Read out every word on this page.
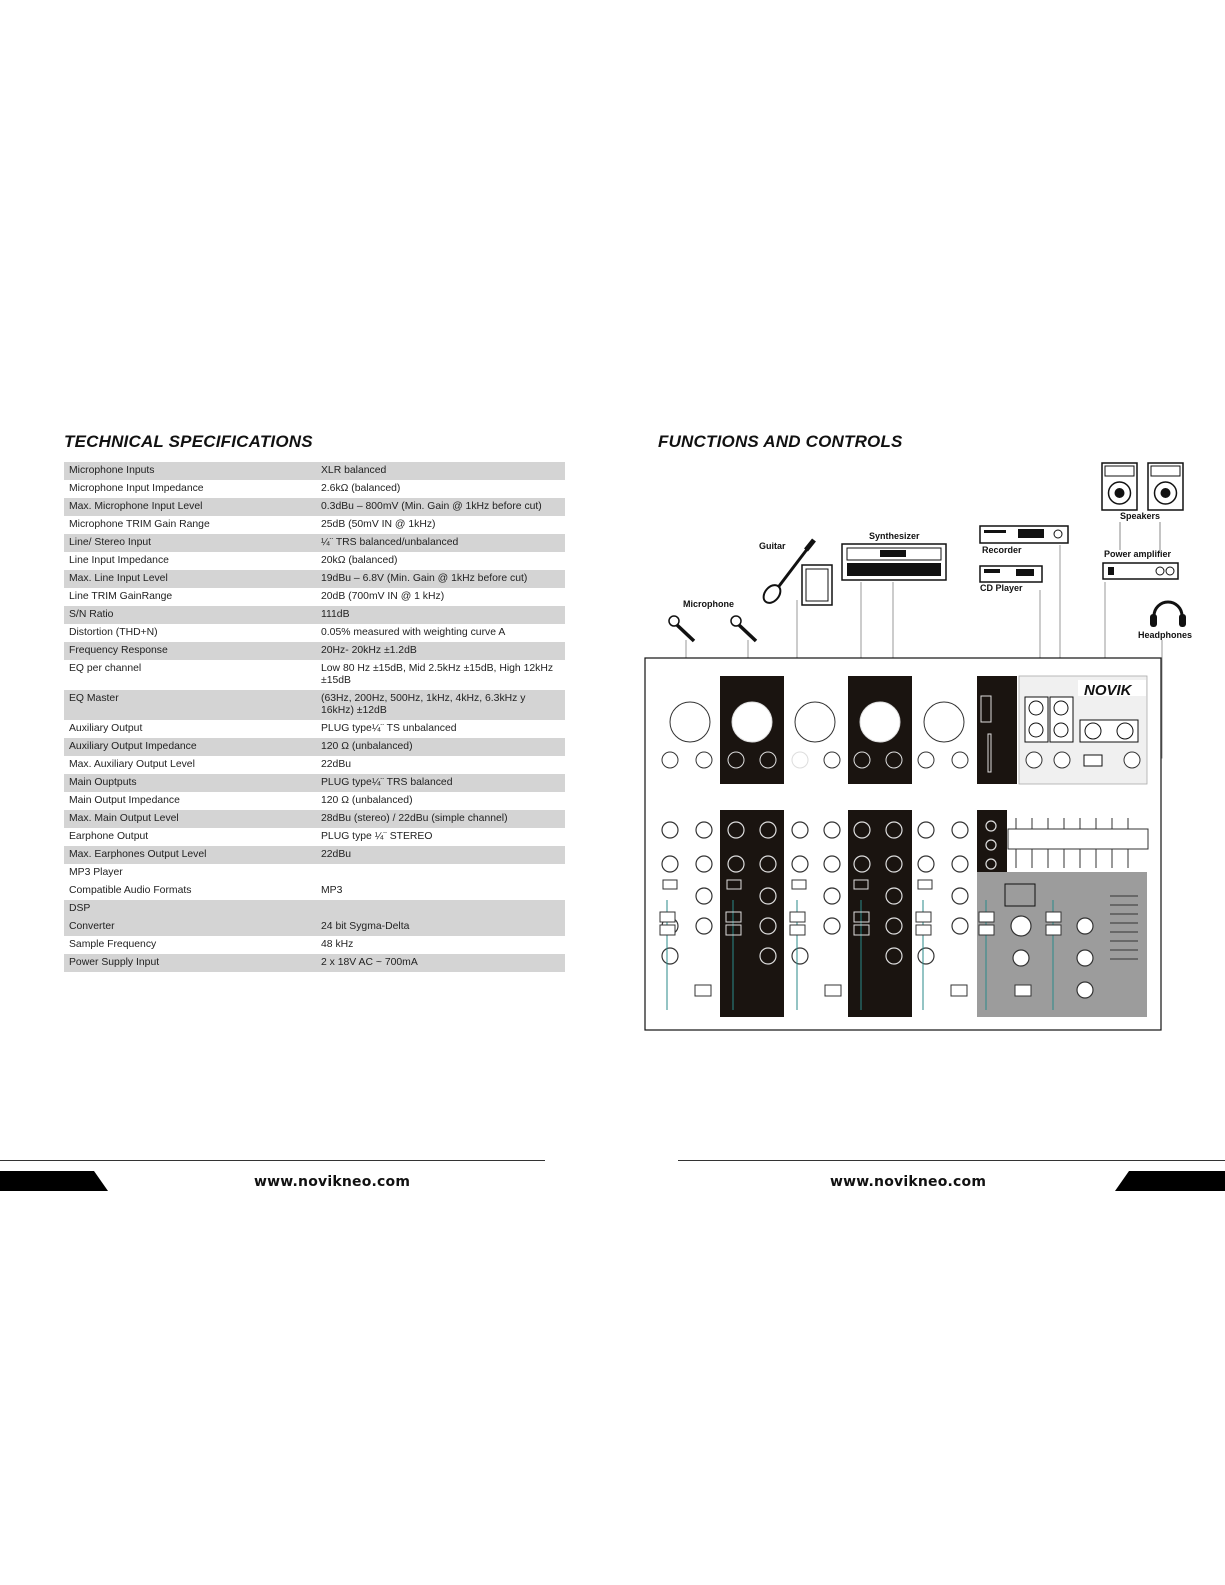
TECHNICAL SPECIFICATIONS
Microphone Inputs	XLR balanced
Microphone Input Impedance	2.6kΩ (balanced)
Max. Microphone Input Level	0.3dBu – 800mV (Min. Gain @ 1kHz before cut)
Microphone TRIM Gain Range	25dB (50mV IN @ 1kHz)
Line/ Stereo Input	¼¨ TRS balanced/unbalanced
Line Input Impedance	20kΩ (balanced)
Max. Line Input Level	19dBu – 6.8V (Min. Gain @ 1kHz before cut)
Line TRIM GainRange	20dB (700mV IN @ 1 kHz)
S/N Ratio	111dB
Distortion (THD+N)	0.05% measured with weighting curve A
Frequency Response	20Hz- 20kHz ±1.2dB
EQ per channel	Low 80 Hz ±15dB, Mid 2.5kHz ±15dB, High 12kHz ±15dB
EQ Master	(63Hz, 200Hz, 500Hz, 1kHz, 4kHz, 6.3kHz y 16kHz) ±12dB
Auxiliary Output	PLUG type¼¨ TS unbalanced
Auxiliary Output Impedance	120 Ω (unbalanced)
Max. Auxiliary Output Level	22dBu
Main Ouptputs	PLUG type¼¨ TRS balanced
Main Output Impedance	120 Ω (unbalanced)
Max. Main Output Level	28dBu (stereo) / 22dBu (simple channel)
Earphone Output	PLUG type ¼¨ STEREO
Max. Earphones Output Level	22dBu
MP3 Player	
Compatible Audio Formats	MP3
DSP	
Converter	24 bit Sygma-Delta
Sample Frequency	48 kHz
Power Supply Input	2 x 18V AC ~ 700mA
www.novikneo.com
FUNCTIONS AND CONTROLS
Speakers
Power amplifier
Recorder
CD Player
Synthesizer
Guitar
Microphone
Headphones
NOVIK
www.novikneo.com
